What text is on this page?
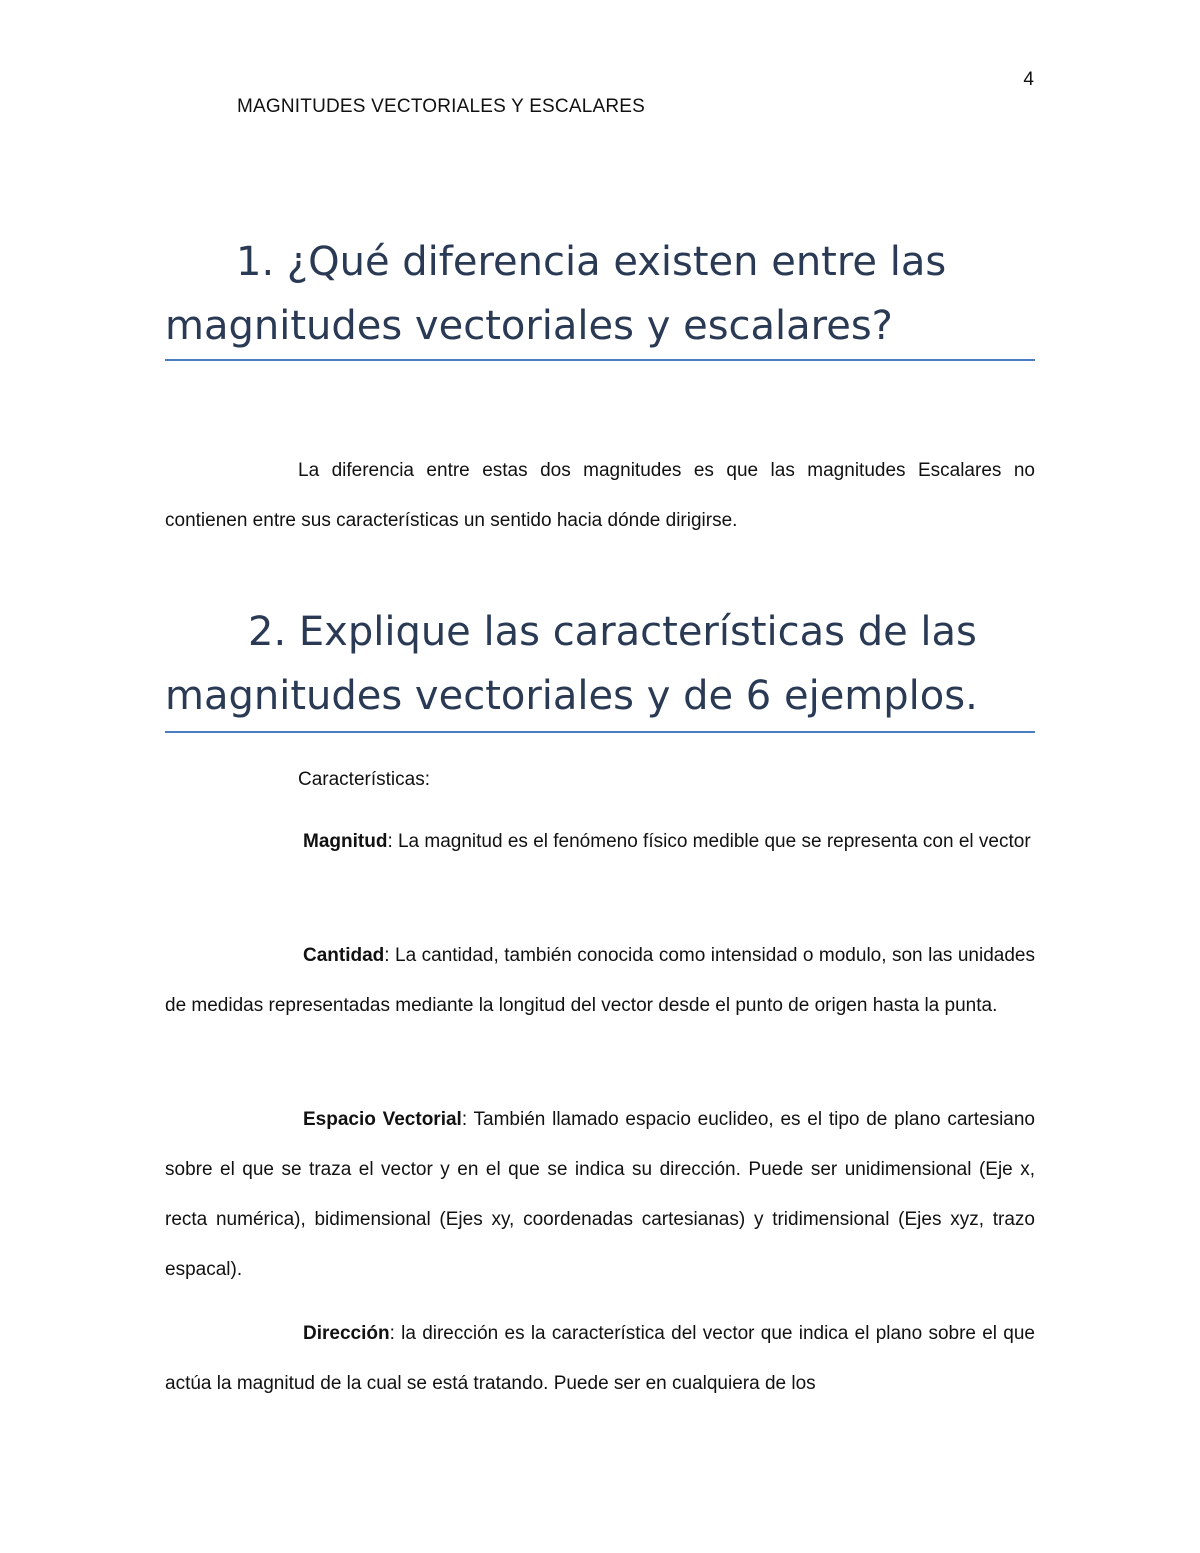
4
MAGNITUDES VECTORIALES Y ESCALARES
1. ¿Qué diferencia existen entre las
magnitudes vectoriales y escalares?

La diferencia entre estas dos magnitudes es que las magnitudes Escalares no contienen entre sus características un sentido hacia dónde dirigirse.

2. Explique las características de las
magnitudes vectoriales y de 6 ejemplos.

Características:

Magnitud: La magnitud es el fenómeno físico medible que se representa con el vector

Cantidad: La cantidad, también conocida como intensidad o modulo, son las unidades de medidas representadas mediante la longitud del vector desde el punto de origen hasta la punta.

Espacio Vectorial: También llamado espacio euclideo, es el tipo de plano cartesiano sobre el que se traza el vector y en el que se indica su dirección. Puede ser unidimensional (Eje x, recta numérica), bidimensional (Ejes xy, coordenadas cartesianas) y tridimensional (Ejes xyz, trazo espacal).

Dirección: la dirección es la característica del vector que indica el plano sobre el que actúa la magnitud de la cual se está tratando. Puede ser en cualquiera de los
